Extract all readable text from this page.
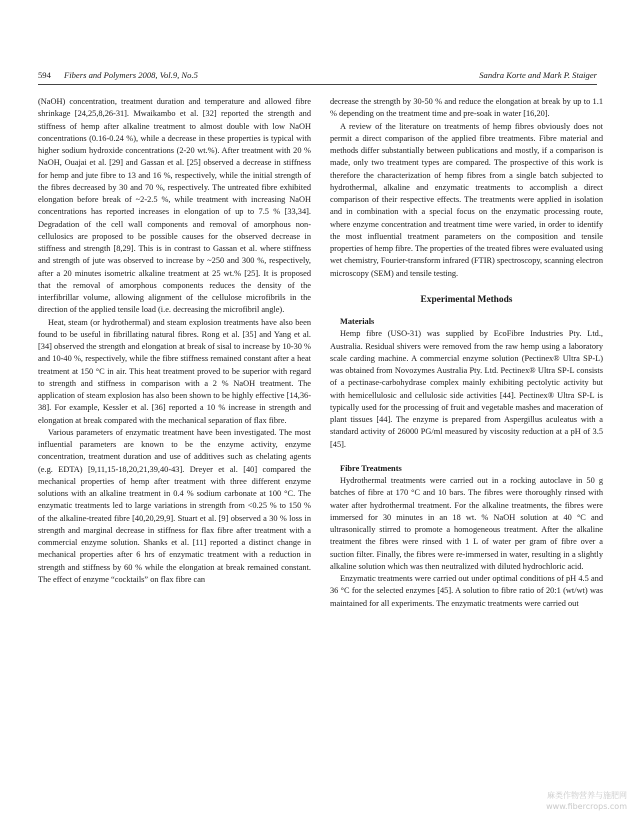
594 Fibers and Polymers 2008, Vol.9, No.5	Sandra Korte and Mark P. Staiger

(NaOH) concentration, treatment duration and temperature and allowed fibre shrinkage [24,25,8,26-31]. Mwaikambo et al. [32] reported the strength and stiffness of hemp after alkaline treatment to almost double with low NaOH concentrations (0.16-0.24 %), while a decrease in these properties is typical with higher sodium hydroxide concentrations (2-20 wt.%). After treatment with 20 % NaOH, Ouajai et al. [29] and Gassan et al. [25] observed a decrease in stiffness for hemp and jute fibre to 13 and 16 %, respectively, while the initial strength of the fibres decreased by 30 and 70 %, respectively. The untreated fibre exhibited elongation before break of ~2-2.5 %, while treatment with increasing NaOH concentrations has reported increases in elongation of up to 7.5 % [33,34]. Degradation of the cell wall components and removal of amorphous non-cellulosics are proposed to be possible causes for the observed decrease in stiffness and strength [8,29]. This is in contrast to Gassan et al. where stiffness and strength of jute was observed to increase by ~250 and 300 %, respectively, after a 20 minutes isometric alkaline treatment at 25 wt.% [25]. It is proposed that the removal of amorphous components reduces the density of the interfibrillar volume, allowing alignment of the cellulose microfibrils in the direction of the applied tensile load (i.e. decreasing the microfibril angle).

Heat, steam (or hydrothermal) and steam explosion treatments have also been found to be useful in fibrillating natural fibres. Rong et al. [35] and Yang et al. [34] observed the strength and elongation at break of sisal to increase by 10-30 % and 10-40 %, respectively, while the fibre stiffness remained constant after a heat treatment at 150 °C in air. This heat treatment proved to be superior with regard to strength and stiffness in comparison with a 2 % NaOH treatment. The application of steam explosion has also been shown to be highly effective [14,36-38]. For example, Kessler et al. [36] reported a 10 % increase in strength and elongation at break compared with the mechanical separation of flax fibre.

Various parameters of enzymatic treatment have been investigated. The most influential parameters are known to be the enzyme activity, enzyme concentration, treatment duration and use of additives such as chelating agents (e.g. EDTA) [9,11,15-18,20,21,39,40-43]. Dreyer et al. [40] compared the mechanical properties of hemp after treatment with three different enzyme solutions with an alkaline treatment in 0.4 % sodium carbonate at 100 °C. The enzymatic treatments led to large variations in strength from <0.25 % to 150 % of the alkaline-treated fibre [40,20,29,9]. Stuart et al. [9] observed a 30 % loss in strength and marginal decrease in stiffness for flax fibre after treatment with a commercial enzyme solution. Shanks et al. [11] reported a distinct change in mechanical properties after 6 hrs of enzymatic treatment with a reduction in strength and stiffness by 60 % while the elongation at break remained constant. The effect of enzyme “cocktails” on flax fibre can

decrease the strength by 30-50 % and reduce the elongation at break by up to 1.1 % depending on the treatment time and pre-soak in water [16,20].

A review of the literature on treatments of hemp fibres obviously does not permit a direct comparison of the applied fibre treatments. Fibre material and methods differ substantially between publications and mostly, if a comparison is made, only two treatment types are compared. The prospective of this work is therefore the characterization of hemp fibres from a single batch subjected to hydrothermal, alkaline and enzymatic treatments to accomplish a direct comparison of their respective effects. The treatments were applied in isolation and in combination with a special focus on the enzymatic processing route, where enzyme concentration and treatment time were varied, in order to identify the most influential treatment parameters on the composition and tensile properties of hemp fibre. The properties of the treated fibres were evaluated using wet chemistry, Fourier-transform infrared (FTIR) spectroscopy, scanning electron microscopy (SEM) and tensile testing.

Experimental Methods

Materials

Hemp fibre (USO-31) was supplied by EcoFibre Industries Pty. Ltd., Australia. Residual shivers were removed from the raw hemp using a laboratory scale carding machine. A commercial enzyme solution (Pectinex® Ultra SP-L) was obtained from Novozymes Australia Pty. Ltd. Pectinex® Ultra SP-L consists of a pectinase-carbohydrase complex mainly exhibiting pectolytic activity but with hemicellulosic and cellulosic side activities [44]. Pectinex® Ultra SP-L is typically used for the processing of fruit and vegetable mashes and maceration of plant tissues [44]. The enzyme is prepared from Aspergillus aculeatus with a standard activity of 26000 PG/ml measured by viscosity reduction at a pH of 3.5 [45].

Fibre Treatments

Hydrothermal treatments were carried out in a rocking autoclave in 50 g batches of fibre at 170 °C and 10 bars. The fibres were thoroughly rinsed with water after hydrothermal treatment. For the alkaline treatments, the fibres were immersed for 30 minutes in an 18 wt. % NaOH solution at 40 °C and ultrasonically stirred to promote a homogeneous treatment. After the alkaline treatment the fibres were rinsed with 1 L of water per gram of fibre over a suction filter. Finally, the fibres were re-immersed in water, resulting in a slightly alkaline solution which was then neutralized with diluted hydrochloric acid.

Enzymatic treatments were carried out under optimal conditions of pH 4.5 and 36 °C for the selected enzymes [45]. A solution to fibre ratio of 20:1 (wt/wt) was maintained for all experiments. The enzymatic treatments were carried out

麻类作物营养与施肥网
www.fibercrops.com
